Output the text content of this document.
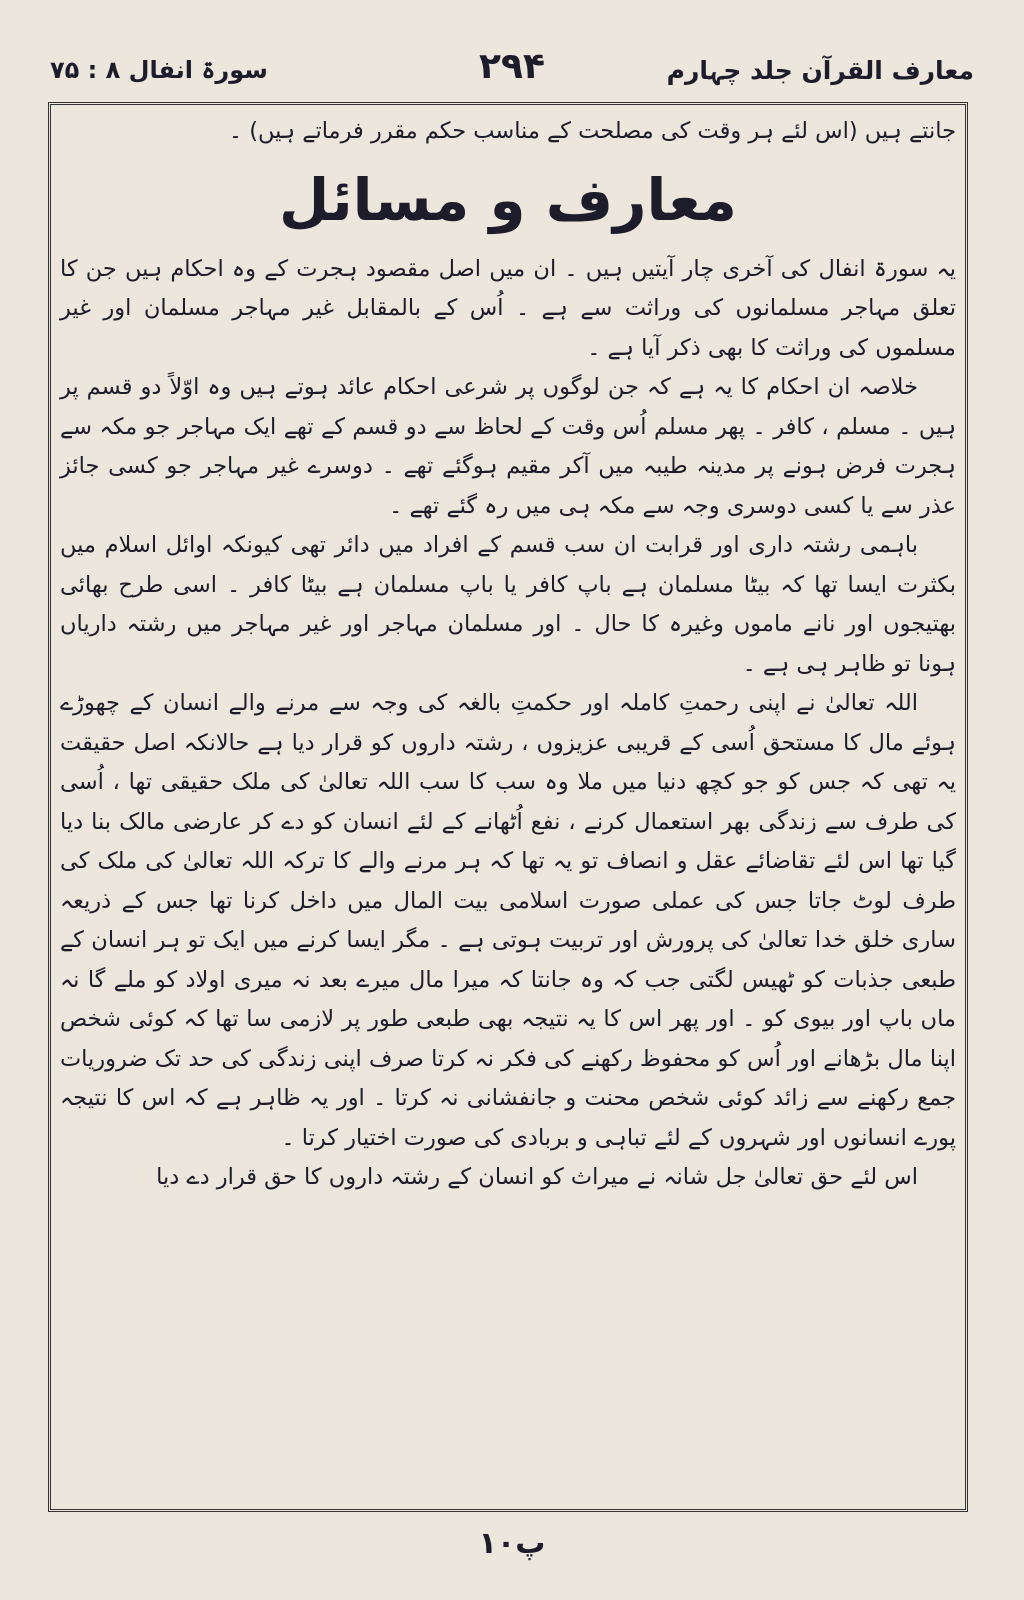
معارف القرآن جلد چہارم
۲۹۴
سورۃ انفال ۸ : ۷۵

جانتے ہیں (اس لئے ہر وقت کی مصلحت کے مناسب حکم مقرر فرماتے ہیں) ۔

معارف و مسائل

یہ سورۃ انفال کی آخری چار آیتیں ہیں ۔ ان میں اصل مقصود ہجرت کے وہ احکام ہیں جن کا تعلق مہاجر مسلمانوں کی وراثت سے ہے ۔ اُس کے بالمقابل غیر مہاجر مسلمان اور غیر مسلموں کی وراثت کا بھی ذکر آیا ہے ۔

خلاصہ ان احکام کا یہ ہے کہ جن لوگوں پر شرعی احکام عائد ہوتے ہیں وہ اوّلاً دو قسم پر ہیں ۔ مسلم ، کافر ۔ پھر مسلم اُس وقت کے لحاظ سے دو قسم کے تھے ایک مہاجر جو مکہ سے ہجرت فرض ہونے پر مدینہ طیبہ میں آکر مقیم ہوگئے تھے ۔ دوسرے غیر مہاجر جو کسی جائز عذر سے یا کسی دوسری وجہ سے مکہ ہی میں رہ گئے تھے ۔

باہمی رشتہ داری اور قرابت ان سب قسم کے افراد میں دائر تھی کیونکہ اوائل اسلام میں بکثرت ایسا تھا کہ بیٹا مسلمان ہے باپ کافر یا باپ مسلمان ہے بیٹا کافر ۔ اسی طرح بھائی بھتیجوں اور نانے ماموں وغیرہ کا حال ۔ اور مسلمان مہاجر اور غیر مہاجر میں رشتہ داریاں ہونا تو ظاہر ہی ہے ۔

اللہ تعالیٰ نے اپنی رحمتِ کاملہ اور حکمتِ بالغہ کی وجہ سے مرنے والے انسان کے چھوڑے ہوئے مال کا مستحق اُسی کے قریبی عزیزوں ، رشتہ داروں کو قرار دیا ہے حالانکہ اصل حقیقت یہ تھی کہ جس کو جو کچھ دنیا میں ملا وہ سب کا سب اللہ تعالیٰ کی ملک حقیقی تھا ، اُسی کی طرف سے زندگی بھر استعمال کرنے ، نفع اُٹھانے کے لئے انسان کو دے کر عارضی مالک بنا دیا گیا تھا اس لئے تقاضائے عقل و انصاف تو یہ تھا کہ ہر مرنے والے کا ترکہ اللہ تعالیٰ کی ملک کی طرف لوٹ جاتا جس کی عملی صورت اسلامی بیت المال میں داخل کرنا تھا جس کے ذریعہ ساری خلق خدا تعالیٰ کی پرورش اور تربیت ہوتی ہے ۔ مگر ایسا کرنے میں ایک تو ہر انسان کے طبعی جذبات کو ٹھیس لگتی جب کہ وہ جانتا کہ میرا مال میرے بعد نہ میری اولاد کو ملے گا نہ ماں باپ اور بیوی کو ۔ اور پھر اس کا یہ نتیجہ بھی طبعی طور پر لازمی سا تھا کہ کوئی شخص اپنا مال بڑھانے اور اُس کو محفوظ رکھنے کی فکر نہ کرتا صرف اپنی زندگی کی حد تک ضروریات جمع رکھنے سے زائد کوئی شخص محنت و جانفشانی نہ کرتا ۔ اور یہ ظاہر ہے کہ اس کا نتیجہ پورے انسانوں اور شہروں کے لئے تباہی و بربادی کی صورت اختیار کرتا ۔

اس لئے حق تعالیٰ جل شانہ نے میراث کو انسان کے رشتہ داروں کا حق قرار دے دیا

پ۱۰
